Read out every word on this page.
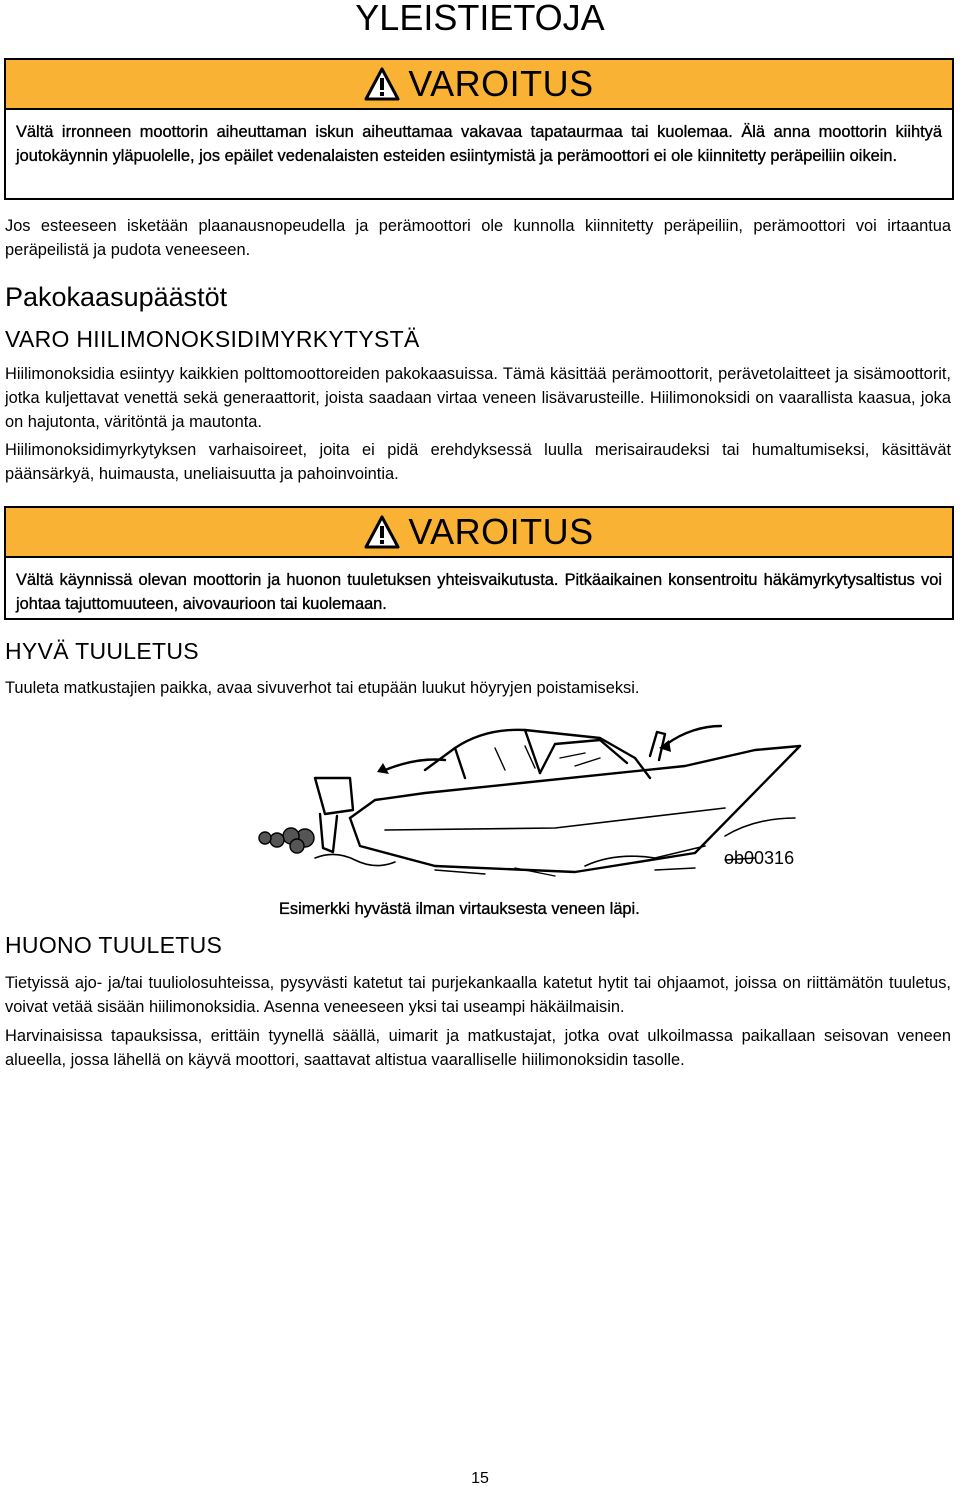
YLEISTIETOJA
VAROITUS
Vältä irronneen moottorin aiheuttaman iskun aiheuttamaa vakavaa tapataurmaa tai kuolemaa. Älä anna moottorin kiihtyä joutokäynnin yläpuolelle, jos epäilet vedenalaisten esteiden esiintymistä ja perämoottori ei ole kiinnitetty peräpeiliin oikein.

Jos esteeseen isketään plaanausnopeudella ja perämoottori ole kunnolla kiinnitetty peräpeiliin, perämoottori voi irtaantua peräpeilistä ja pudota veneeseen.

Pakokaasupäästöt
VARO HIILIMONOKSIDIMYRKYTYSTÄ

Hiilimonoksidia esiintyy kaikkien polttomoottoreiden pakokaasuissa. Tämä käsittää perämoottorit, perävetolaitteet ja sisämoottorit, jotka kuljettavat venettä sekä generaattorit, joista saadaan virtaa veneen lisävarusteille. Hiilimonoksidi on vaarallista kaasua, joka on hajutonta, väritöntä ja mautonta.

Hiilimonoksidimyrkytyksen varhaisoireet, joita ei pidä erehdyksessä luulla merisairaudeksi tai humaltumiseksi, käsittävät päänsärkyä, huimausta, uneliaisuutta ja pahoinvointia.

VAROITUS
Vältä käynnissä olevan moottorin ja huonon tuuletuksen yhteisvaikutusta. Pitkäaikainen konsentroitu häkämyrkytysaltistus voi johtaa tajuttomuuteen, aivovaurioon tai kuolemaan.
HYVÄ TUULETUS

Tuuleta matkustajien paikka, avaa sivuverhot tai etupään luukut höyryjen poistamiseksi.

ob00316
Esimerkki hyvästä ilman virtauksesta veneen läpi.
HUONO TUULETUS

Tietyissä ajo- ja/tai tuuliolosuhteissa, pysyvästi katetut tai purjekankaalla katetut hytit tai ohjaamot, joissa on riittämätön tuuletus, voivat vetää sisään hiilimonoksidia. Asenna veneeseen yksi tai useampi häkäilmaisin.

Harvinaisissa tapauksissa, erittäin tyynellä säällä, uimarit ja matkustajat, jotka ovat ulkoilmassa paikallaan seisovan veneen alueella, jossa lähellä on käyvä moottori, saattavat altistua vaaralliselle hiilimonoksidin tasolle.

15
